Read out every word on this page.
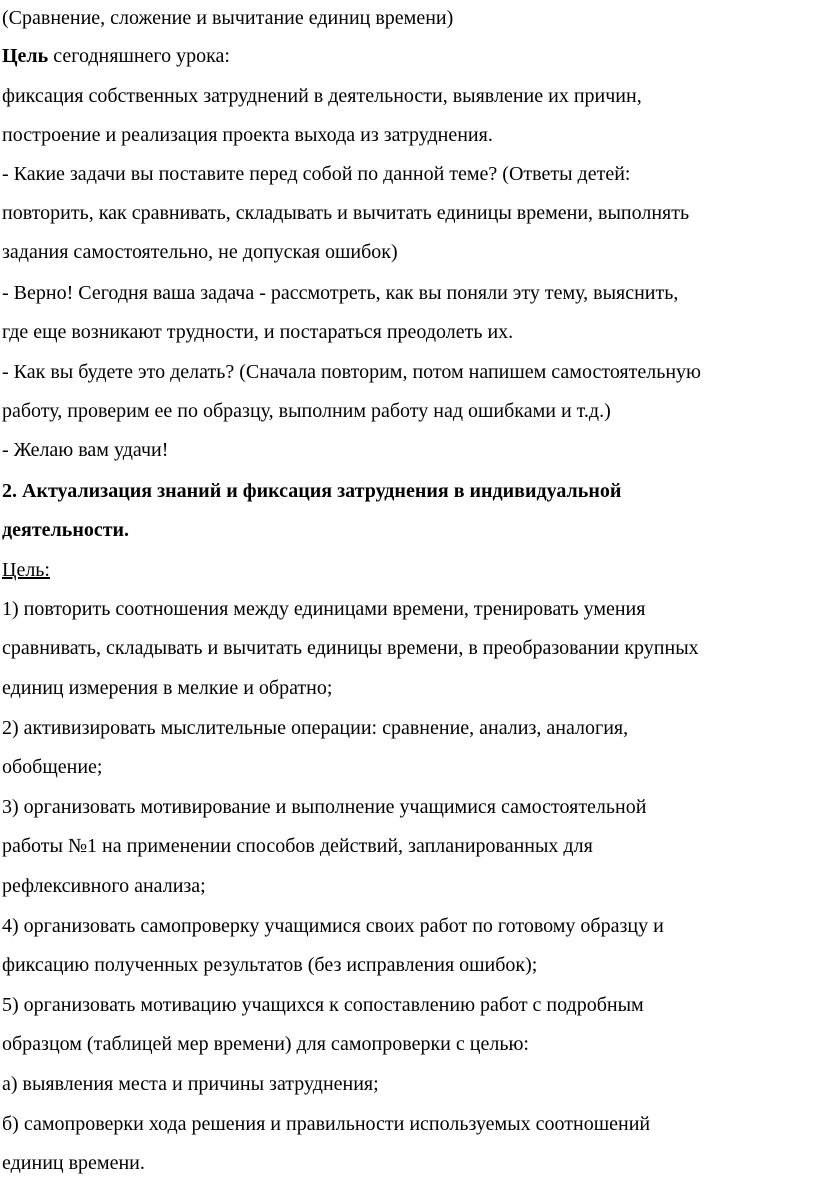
(Сравнение, сложение и вычитание единиц времени)
Цель сегодняшнего урока:
фиксация собственных затруднений в деятельности, выявление их причин,
построение и реализация проекта выхода из затруднения.
- Какие задачи вы поставите перед собой по данной теме? (Ответы детей:
повторить, как сравнивать, складывать и вычитать единицы времени, выполнять
задания самостоятельно, не допуская ошибок)
- Верно! Сегодня ваша задача - рассмотреть, как вы поняли эту тему, выяснить,
где еще возникают трудности, и постараться преодолеть их.
- Как вы будете это делать? (Сначала повторим, потом напишем самостоятельную
работу, проверим ее по образцу, выполним работу над ошибками и т.д.)
- Желаю вам удачи!
2. Актуализация знаний и фиксация затруднения в индивидуальной
деятельности.
Цель:
1) повторить соотношения между единицами времени, тренировать умения
сравнивать, складывать и вычитать единицы времени, в преобразовании крупных
единиц измерения в мелкие и обратно;
2) активизировать мыслительные операции: сравнение, анализ, аналогия,
обобщение;
3) организовать мотивирование и выполнение учащимися самостоятельной
работы №1 на применении способов действий, запланированных для
рефлексивного анализа;
4) организовать самопроверку учащимися своих работ по готовому образцу и
фиксацию полученных результатов (без исправления ошибок);
5) организовать мотивацию учащихся к сопоставлению работ с подробным
образцом (таблицей мер времени) для самопроверки с целью:
а) выявления места и причины затруднения;
б) самопроверки хода решения и правильности используемых соотношений
единиц времени.
